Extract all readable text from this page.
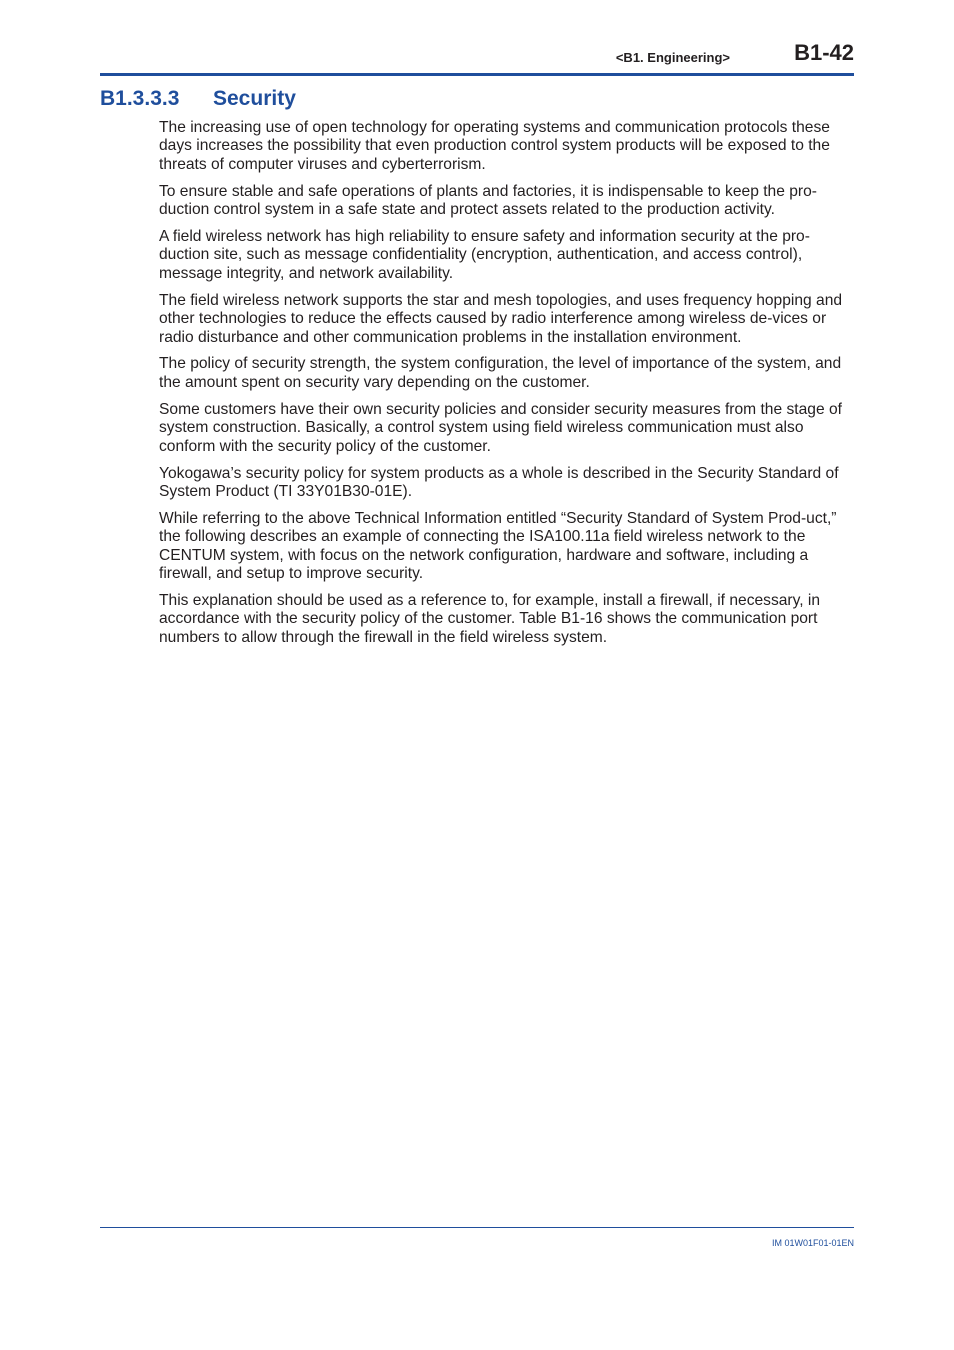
<B1. Engineering>	B1-42
B1.3.3.3 Security

The increasing use of open technology for operating systems and communication protocols these days increases the possibility that even production control system products will be exposed to the threats of computer viruses and cyberterrorism.

To ensure stable and safe operations of plants and factories, it is indispensable to keep the pro-duction control system in a safe state and protect assets related to the production activity.

A field wireless network has high reliability to ensure safety and information security at the pro-duction site, such as message confidentiality (encryption, authentication, and access control), message integrity, and network availability.

The field wireless network supports the star and mesh topologies, and uses frequency hopping and other technologies to reduce the effects caused by radio interference among wireless de-vices or radio disturbance and other communication problems in the installation environment.

The policy of security strength, the system configuration, the level of importance of the system, and the amount spent on security vary depending on the customer.

Some customers have their own security policies and consider security measures from the stage of system construction. Basically, a control system using field wireless communication must also conform with the security policy of the customer.

Yokogawa’s security policy for system products as a whole is described in the Security Standard of System Product (TI 33Y01B30-01E).

While referring to the above Technical Information entitled “Security Standard of System Prod-uct,” the following describes an example of connecting the ISA100.11a field wireless network to the CENTUM system, with focus on the network configuration, hardware and software, including a firewall, and setup to improve security.

This explanation should be used as a reference to, for example, install a firewall, if necessary, in accordance with the security policy of the customer. Table B1-16 shows the communication port numbers to allow through the firewall in the field wireless system.

IM 01W01F01-01EN
